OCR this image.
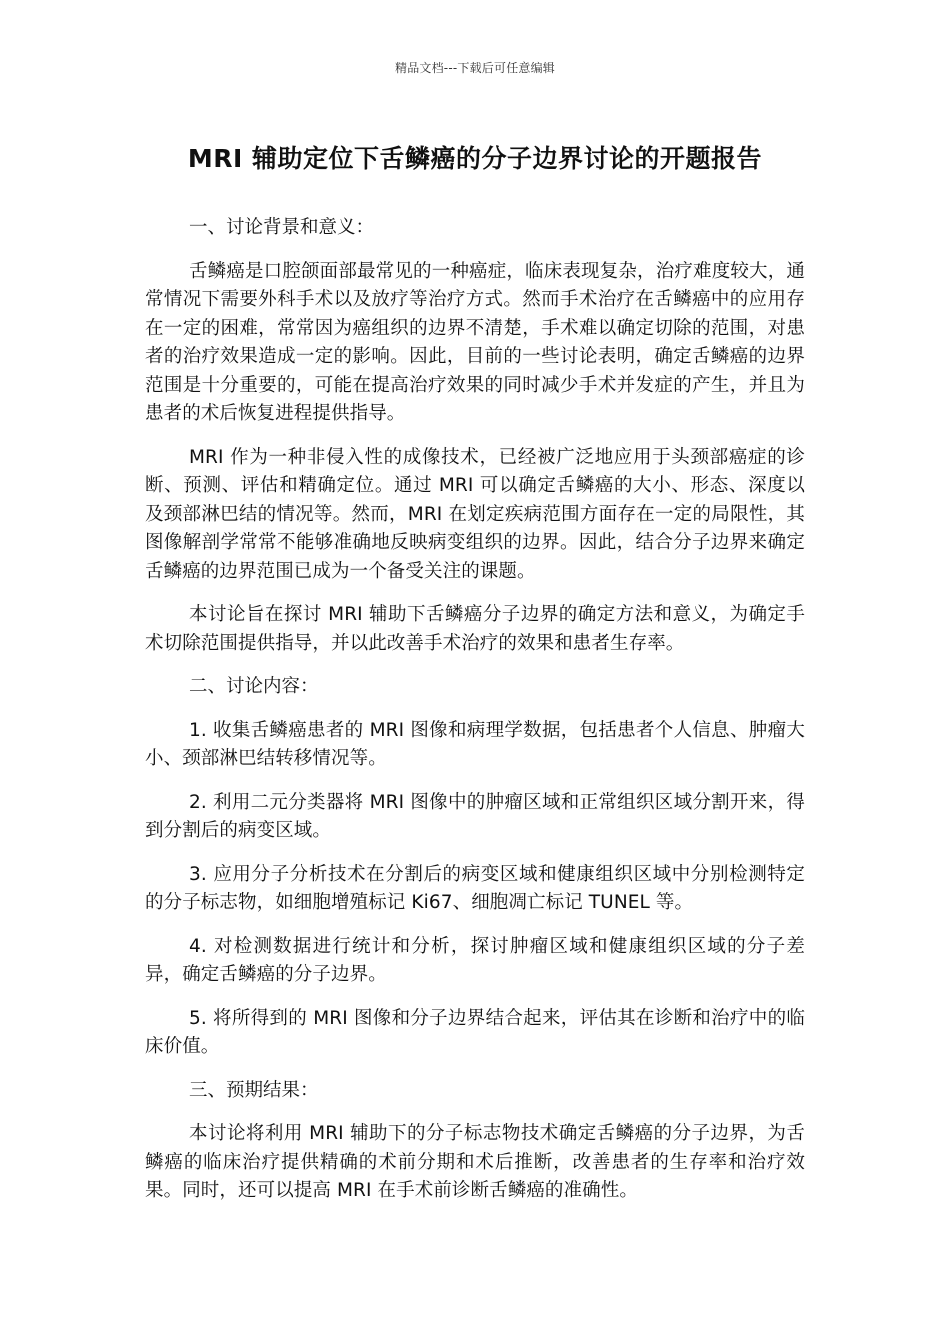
精品文档---下载后可任意编辑
MRI 辅助定位下舌鳞癌的分子边界讨论的开题报告

一、讨论背景和意义：

舌鳞癌是口腔颌面部最常见的一种癌症，临床表现复杂，治疗难度较大，通常情况下需要外科手术以及放疗等治疗方式。然而手术治疗在舌鳞癌中的应用存在一定的困难，常常因为癌组织的边界不清楚，手术难以确定切除的范围，对患者的治疗效果造成一定的影响。因此，目前的一些讨论表明，确定舌鳞癌的边界范围是十分重要的，可能在提高治疗效果的同时减少手术并发症的产生，并且为患者的术后恢复进程提供指导。

MRI 作为一种非侵入性的成像技术，已经被广泛地应用于头颈部癌症的诊断、预测、评估和精确定位。通过 MRI 可以确定舌鳞癌的大小、形态、深度以及颈部淋巴结的情况等。然而，MRI 在划定疾病范围方面存在一定的局限性，其图像解剖学常常不能够准确地反映病变组织的边界。因此，结合分子边界来确定舌鳞癌的边界范围已成为一个备受关注的课题。

本讨论旨在探讨 MRI 辅助下舌鳞癌分子边界的确定方法和意义，为确定手术切除范围提供指导，并以此改善手术治疗的效果和患者生存率。

二、讨论内容：

1. 收集舌鳞癌患者的 MRI 图像和病理学数据，包括患者个人信息、肿瘤大小、颈部淋巴结转移情况等。

2. 利用二元分类器将 MRI 图像中的肿瘤区域和正常组织区域分割开来，得到分割后的病变区域。

3. 应用分子分析技术在分割后的病变区域和健康组织区域中分别检测特定的分子标志物，如细胞增殖标记 Ki67、细胞凋亡标记 TUNEL 等。

4. 对检测数据进行统计和分析，探讨肿瘤区域和健康组织区域的分子差异，确定舌鳞癌的分子边界。

5. 将所得到的 MRI 图像和分子边界结合起来，评估其在诊断和治疗中的临床价值。

三、预期结果：

本讨论将利用 MRI 辅助下的分子标志物技术确定舌鳞癌的分子边界，为舌鳞癌的临床治疗提供精确的术前分期和术后推断，改善患者的生存率和治疗效果。同时，还可以提高 MRI 在手术前诊断舌鳞癌的准确性。
